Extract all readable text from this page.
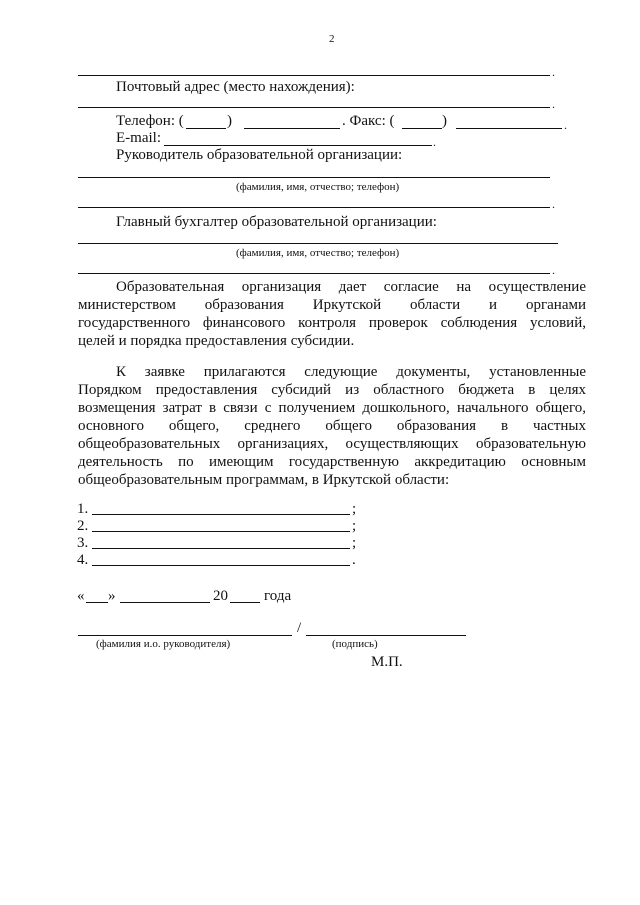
2
.
Почтовый адрес (место нахождения):
.
Телефон: (	)	. Факс: (	)	.
E-mail:	.
Руководитель образовательной организации:
(фамилия, имя, отчество; телефон)
.
Главный бухгалтер образовательной организации:
(фамилия, имя, отчество; телефон)
.
Образовательная организация дает согласие на осуществление
министерством образования Иркутской области и органами
государственного финансового контроля проверок соблюдения условий,
целей и порядка предоставления субсидии.
К заявке прилагаются следующие документы, установленные
Порядком предоставления субсидий из областного бюджета в целях
возмещения затрат в связи с получением дошкольного, начального общего,
основного общего, среднего общего образования в частных
общеобразовательных организациях, осуществляющих образовательную
деятельность по имеющим государственную аккредитацию основным
общеобразовательным программам, в Иркутской области:
1.	;
2.	;
3.	;
4.	.
« »	20 года
/
(фамилия и.о. руководителя)	(подпись)
М.П.
